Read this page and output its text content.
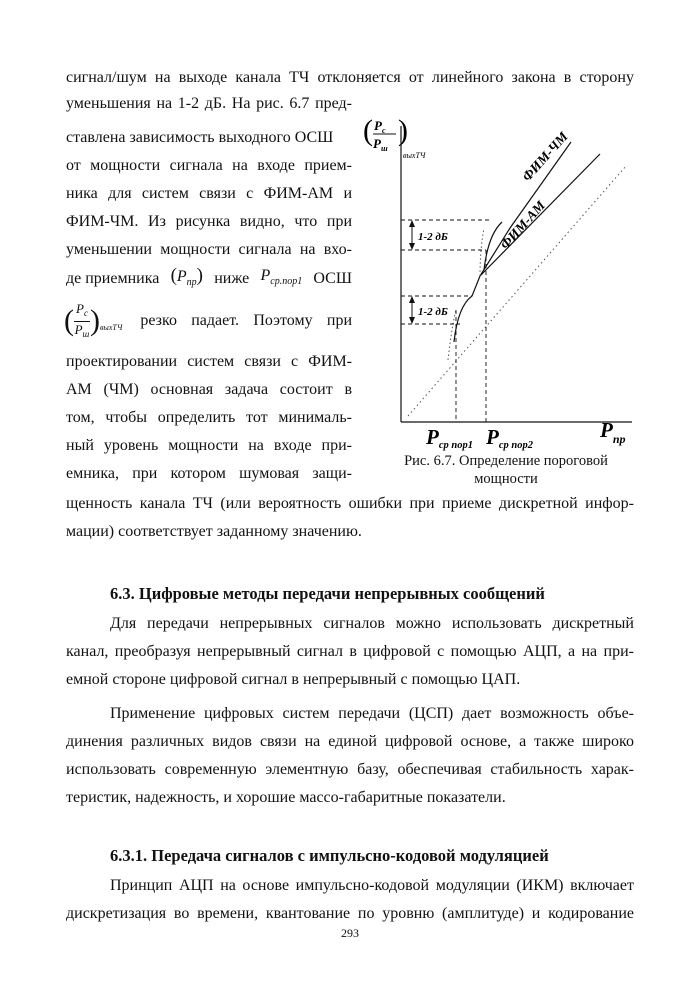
сигнал/шум на выходе канала ТЧ отклоняется от линейного закона в сторону
уменьшения на 1-2 дБ. На рис. 6.7 пред-
ставлена зависимость выходного ОСШ
от мощности сигнала на входе прием-
ника для систем связи с ФИМ-АМ и
ФИМ-ЧМ. Из рисунка видно, что при
уменьшении мощности сигнала на вхо-
де приемника $(P_{пр})$ ниже $P_{ср.пор1}$ ОСШ
( $P_c$
$P_ш$ ) выхТЧ резко падает. Поэтому при
проектировании систем связи с ФИМ-
АМ (ЧМ) основная задача состоит в
том, чтобы определить тот минималь-
ный уровень мощности на входе при-
емника, при котором шумовая защи-
( )
$P_c$
$P_ш$
выхТЧ
1-2 дБ
1-2 дБ
ФИМ-ЧМ
ФИМ-АМ
Pср пор1 Pср пор2
$P_{пр}$
Рис. 6.7. Определение пороговой
мощности
щенность канала ТЧ (или вероятность ошибки при приеме дискретной инфор-
мации) соответствует заданному значению.
6.3. Цифровые методы передачи непрерывных сообщений
Для передачи непрерывных сигналов можно использовать дискретный
канал, преобразуя непрерывный сигнал в цифровой с помощью АЦП, а на при-
емной стороне цифровой сигнал в непрерывный с помощью ЦАП.
Применение цифровых систем передачи (ЦСП) дает возможность объе-
динения различных видов связи на единой цифровой основе, а также широко
использовать современную элементную базу, обеспечивая стабильность харак-
теристик, надежность, и хорошие массо-габаритные показатели.
6.3.1. Передача сигналов с импульсно-кодовой модуляцией
Принцип АЦП на основе импульсно-кодовой модуляции (ИКМ) включает
дискретизация во времени, квантование по уровню (амплитуде) и кодирование
293
